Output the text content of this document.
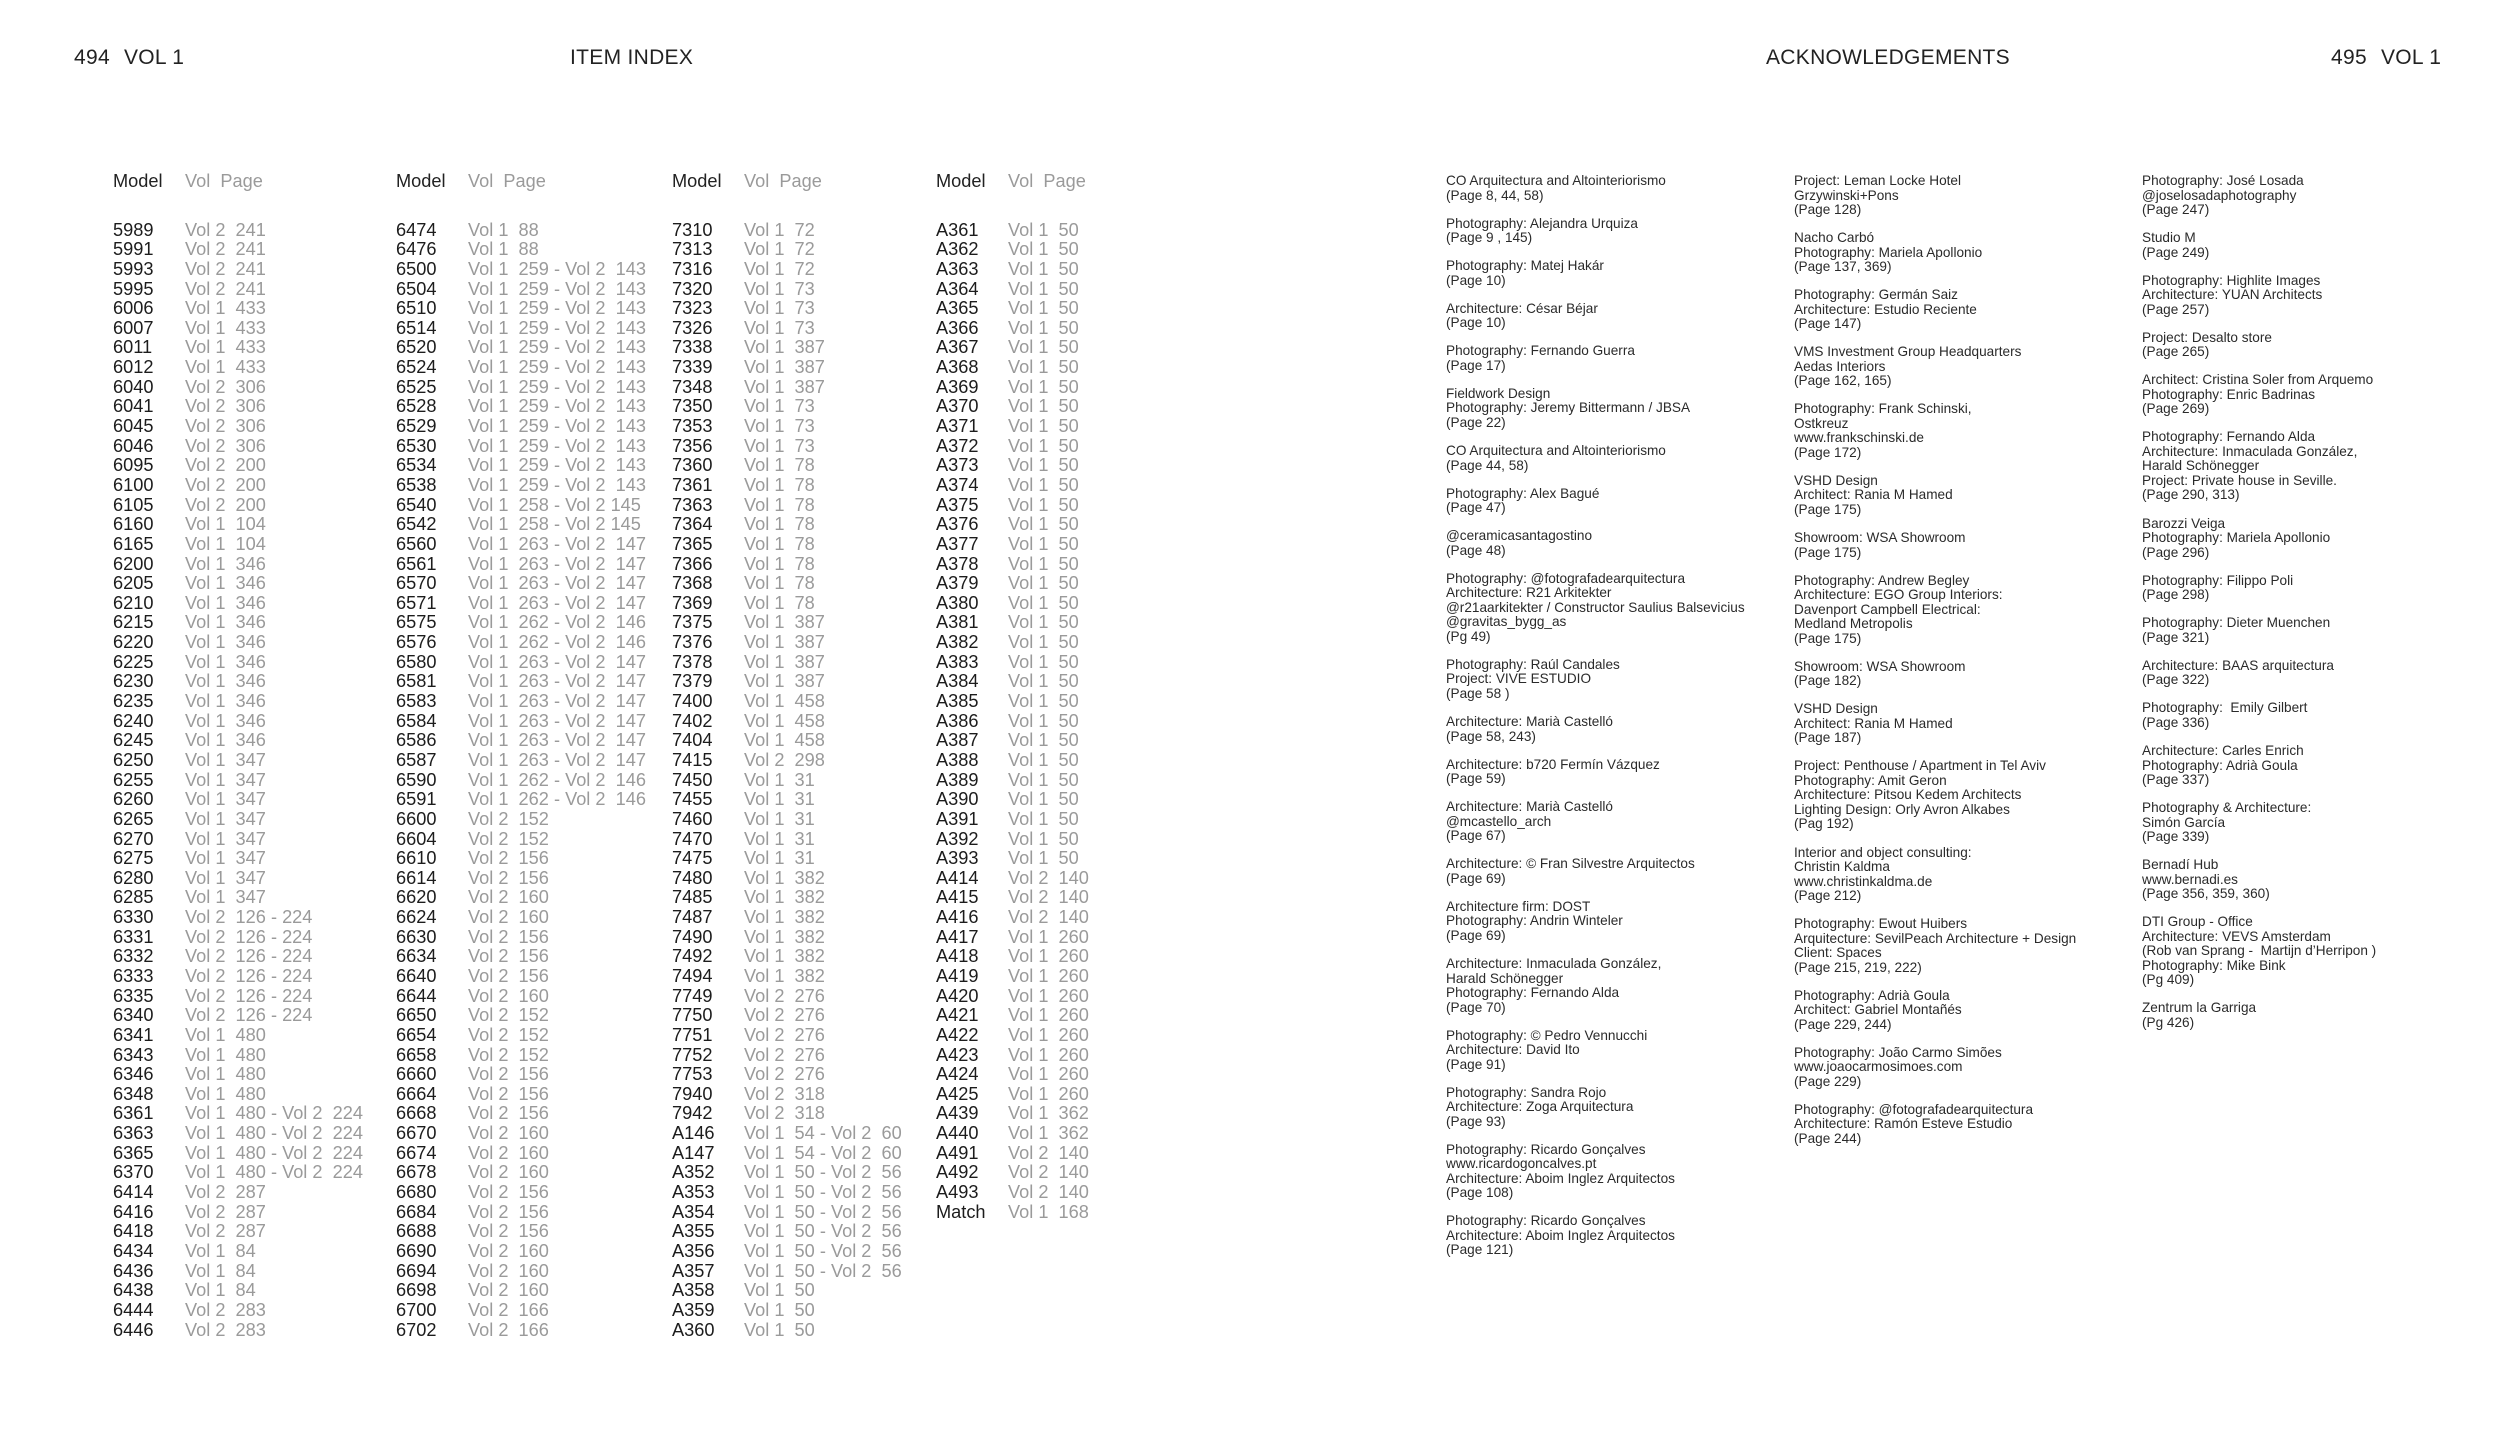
494 VOL 1	ITEM INDEX	ACKNOWLEDGEMENTS	495 VOL 1
Model Vol  Page
5989 Vol 2  241
5991 Vol 2  241
5993 Vol 2  241
5995 Vol 2  241
6006 Vol 1  433
6007 Vol 1  433
6011 Vol 1  433
6012 Vol 1  433
6040 Vol 2  306
6041 Vol 2  306
6045 Vol 2  306
6046 Vol 2  306
6095 Vol 2  200
6100 Vol 2  200
6105 Vol 2  200
6160 Vol 1  104
6165 Vol 1  104
6200 Vol 1  346
6205 Vol 1  346
6210 Vol 1  346
6215 Vol 1  346
6220 Vol 1  346
6225 Vol 1  346
6230 Vol 1  346
6235 Vol 1  346
6240 Vol 1  346
6245 Vol 1  346
6250 Vol 1  347
6255 Vol 1  347
6260 Vol 1  347
6265 Vol 1  347
6270 Vol 1  347
6275 Vol 1  347
6280 Vol 1  347
6285 Vol 1  347
6330 Vol 2  126 - 224
6331 Vol 2  126 - 224
6332 Vol 2  126 - 224
6333 Vol 2  126 - 224
6335 Vol 2  126 - 224
6340 Vol 2  126 - 224
6341 Vol 1  480
6343 Vol 1  480
6346 Vol 1  480
6348 Vol 1  480
6361 Vol 1  480 - Vol 2  224
6363 Vol 1  480 - Vol 2  224
6365 Vol 1  480 - Vol 2  224
6370 Vol 1  480 - Vol 2  224
6414 Vol 2  287
6416 Vol 2  287
6418 Vol 2  287
6434 Vol 1  84
6436 Vol 1  84
6438 Vol 1  84
6444 Vol 2  283
6446 Vol 2  283
Model Vol  Page
6474 Vol 1  88
6476 Vol 1  88
6500 Vol 1  259 - Vol 2  143
6504 Vol 1  259 - Vol 2  143
6510 Vol 1  259 - Vol 2  143
6514 Vol 1  259 - Vol 2  143
6520 Vol 1  259 - Vol 2  143
6524 Vol 1  259 - Vol 2  143
6525 Vol 1  259 - Vol 2  143
6528 Vol 1  259 - Vol 2  143
6529 Vol 1  259 - Vol 2  143
6530 Vol 1  259 - Vol 2  143
6534 Vol 1  259 - Vol 2  143
6538 Vol 1  259 - Vol 2  143
6540 Vol 1  258 - Vol 2 145
6542 Vol 1  258 - Vol 2 145
6560 Vol 1  263 - Vol 2  147
6561 Vol 1  263 - Vol 2  147
6570 Vol 1  263 - Vol 2  147
6571 Vol 1  263 - Vol 2  147
6575 Vol 1  262 - Vol 2  146
6576 Vol 1  262 - Vol 2  146
6580 Vol 1  263 - Vol 2  147
6581 Vol 1  263 - Vol 2  147
6583 Vol 1  263 - Vol 2  147
6584 Vol 1  263 - Vol 2  147
6586 Vol 1  263 - Vol 2  147
6587 Vol 1  263 - Vol 2  147
6590 Vol 1  262 - Vol 2  146
6591 Vol 1  262 - Vol 2  146
6600 Vol 2  152
6604 Vol 2  152
6610 Vol 2  156
6614 Vol 2  156
6620 Vol 2  160
6624 Vol 2  160
6630 Vol 2  156
6634 Vol 2  156
6640 Vol 2  156
6644 Vol 2  160
6650 Vol 2  152
6654 Vol 2  152
6658 Vol 2  152
6660 Vol 2  156
6664 Vol 2  156
6668 Vol 2  156
6670 Vol 2  160
6674 Vol 2  160
6678 Vol 2  160
6680 Vol 2  156
6684 Vol 2  156
6688 Vol 2  156
6690 Vol 2  160
6694 Vol 2  160
6698 Vol 2  160
6700 Vol 2  166
6702 Vol 2  166
Model Vol  Page
7310 Vol 1  72
7313 Vol 1  72
7316 Vol 1  72
7320 Vol 1  73
7323 Vol 1  73
7326 Vol 1  73
7338 Vol 1  387
7339 Vol 1  387
7348 Vol 1  387
7350 Vol 1  73
7353 Vol 1  73
7356 Vol 1  73
7360 Vol 1  78
7361 Vol 1  78
7363 Vol 1  78
7364 Vol 1  78
7365 Vol 1  78
7366 Vol 1  78
7368 Vol 1  78
7369 Vol 1  78
7375 Vol 1  387
7376 Vol 1  387
7378 Vol 1  387
7379 Vol 1  387
7400 Vol 1  458
7402 Vol 1  458
7404 Vol 1  458
7415 Vol 2  298
7450 Vol 1  31
7455 Vol 1  31
7460 Vol 1  31
7470 Vol 1  31
7475 Vol 1  31
7480 Vol 1  382
7485 Vol 1  382
7487 Vol 1  382
7490 Vol 1  382
7492 Vol 1  382
7494 Vol 1  382
7749 Vol 2  276
7750 Vol 2  276
7751 Vol 2  276
7752 Vol 2  276
7753 Vol 2  276
7940 Vol 2  318
7942 Vol 2  318
A146 Vol 1  54 - Vol 2  60
A147 Vol 1  54 - Vol 2  60
A352 Vol 1  50 - Vol 2  56
A353 Vol 1  50 - Vol 2  56
A354 Vol 1  50 - Vol 2  56
A355 Vol 1  50 - Vol 2  56
A356 Vol 1  50 - Vol 2  56
A357 Vol 1  50 - Vol 2  56
A358 Vol 1  50
A359 Vol 1  50
A360 Vol 1  50
Model Vol  Page
A361 Vol 1  50
A362 Vol 1  50
A363 Vol 1  50
A364 Vol 1  50
A365 Vol 1  50
A366 Vol 1  50
A367 Vol 1  50
A368 Vol 1  50
A369 Vol 1  50
A370 Vol 1  50
A371 Vol 1  50
A372 Vol 1  50
A373 Vol 1  50
A374 Vol 1  50
A375 Vol 1  50
A376 Vol 1  50
A377 Vol 1  50
A378 Vol 1  50
A379 Vol 1  50
A380 Vol 1  50
A381 Vol 1  50
A382 Vol 1  50
A383 Vol 1  50
A384 Vol 1  50
A385 Vol 1  50
A386 Vol 1  50
A387 Vol 1  50
A388 Vol 1  50
A389 Vol 1  50
A390 Vol 1  50
A391 Vol 1  50
A392 Vol 1  50
A393 Vol 1  50
A414 Vol 2  140
A415 Vol 2  140
A416 Vol 2  140
A417 Vol 1  260
A418 Vol 1  260
A419 Vol 1  260
A420 Vol 1  260
A421 Vol 1  260
A422 Vol 1  260
A423 Vol 1  260
A424 Vol 1  260
A425 Vol 1  260
A439 Vol 1  362
A440 Vol 1  362
A491 Vol 2  140
A492 Vol 2  140
A493 Vol 2  140
Match Vol 1  168
CO Arquitectura and Altointeriorismo
(Page 8, 44, 58)
Photography: Alejandra Urquiza
(Page 9 , 145)
Photography: Matej Hakár
(Page 10)
Architecture: César Béjar
(Page 10)
Photography: Fernando Guerra
(Page 17)
Fieldwork Design
Photography: Jeremy Bittermann / JBSA
(Page 22)
CO Arquitectura and Altointeriorismo
(Page 44, 58)
Photography: Alex Bagué
(Page 47)
@ceramicasantagostino
(Page 48)
Photography: @fotografadearquitectura
Architecture: R21 Arkitekter
@r21aarkitekter / Constructor Saulius Balsevicius
@gravitas_bygg_as
(Pg 49)
Photography: Raúl Candales
Project: VIVE ESTUDIO
(Page 58 )
Architecture: Marià Castelló
(Page 58, 243)
Architecture: b720 Fermín Vázquez
(Page 59)
Architecture: Marià Castelló
@mcastello_arch
(Page 67)
Architecture: © Fran Silvestre Arquitectos
(Page 69)
Architecture firm: DOST
Photography: Andrin Winteler
(Page 69)
Architecture: Inmaculada González,
Harald Schönegger
Photography: Fernando Alda
(Page 70)
Photography: © Pedro Vennucchi
Architecture: David Ito
(Page 91)
Photography: Sandra Rojo
Architecture: Zoga Arquitectura
(Page 93)
Photography: Ricardo Gonçalves
www.ricardogoncalves.pt
Architecture: Aboim Inglez Arquitectos
(Page 108)
Photography: Ricardo Gonçalves
Architecture: Aboim Inglez Arquitectos
(Page 121)
Project: Leman Locke Hotel
Grzywinski+Pons
(Page 128)
Nacho Carbó
Photography: Mariela Apollonio
(Page 137, 369)
Photography: Germán Saiz
Architecture: Estudio Reciente
(Page 147)
VMS Investment Group Headquarters
Aedas Interiors
(Page 162, 165)
Photography: Frank Schinski,
Ostkreuz
www.frankschinski.de
(Page 172)
VSHD Design
Architect: Rania M Hamed
(Page 175)
Showroom: WSA Showroom
(Page 175)
Photography: Andrew Begley
Architecture: EGO Group Interiors:
Davenport Campbell Electrical:
Medland Metropolis
(Page 175)
Showroom: WSA Showroom
(Page 182)
VSHD Design
Architect: Rania M Hamed
(Page 187)
Project: Penthouse / Apartment in Tel Aviv
Photography: Amit Geron
Architecture: Pitsou Kedem Architects
Lighting Design: Orly Avron Alkabes
(Pag 192)
Interior and object consulting:
Christin Kaldma
www.christinkaldma.de
(Page 212)
Photography: Ewout Huibers
Arquitecture: SevilPeach Architecture + Design
Client: Spaces
(Page 215, 219, 222)
Photography: Adrià Goula
Architect: Gabriel Montañés
(Page 229, 244)
Photography: João Carmo Simões
www.joaocarmosimoes.com
(Page 229)
Photography: @fotografadearquitectura
Architecture: Ramón Esteve Estudio
(Page 244)
Photography: José Losada
@joselosadaphotography
(Page 247)
Studio M
(Page 249)
Photography: Highlite Images
Architecture: YUAN Architects
(Page 257)
Project: Desalto store
(Page 265)
Architect: Cristina Soler from Arquemo
Photography: Enric Badrinas
(Page 269)
Photography: Fernando Alda
Architecture: Inmaculada González,
Harald Schönegger
Project: Private house in Seville.
(Page 290, 313)
Barozzi Veiga
Photography: Mariela Apollonio
(Page 296)
Photography: Filippo Poli
(Page 298)
Photography: Dieter Muenchen
(Page 321)
Architecture: BAAS arquitectura
(Page 322)
Photography:  Emily Gilbert
(Page 336)
Architecture: Carles Enrich
Photography: Adrià Goula
(Page 337)
Photography & Architecture:
Simón García
(Page 339)
Bernadí Hub
www.bernadi.es
(Page 356, 359, 360)
DTI Group - Office
Architecture: VEVS Amsterdam
(Rob van Sprang -  Martijn d’Herripon )
Photography: Mike Bink
(Pg 409)
Zentrum la Garriga
(Pg 426)
